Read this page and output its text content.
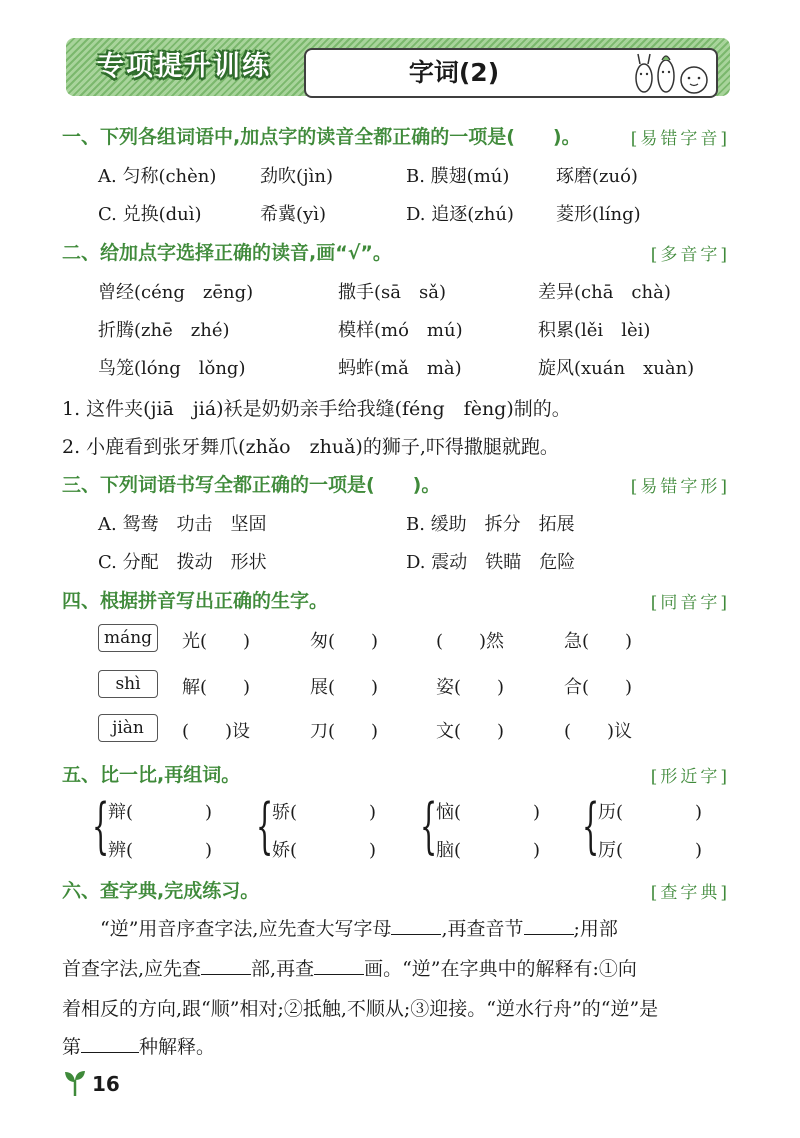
专项提升训练	字词(2)
一、下列各组词语中,加点字的读音全都正确的一项是(　　)。	[易错字音]
A. 匀称(chèn) 劲吹(jìn)	B. 膜翅(mú)	琢磨(zuó)
C. 兑换(duì)	希冀(yì)	D. 追逐(zhú) 菱形(líng)
二、给加点字选择正确的读音,画“√”。	[多音字]
曾经(céng　zēng)	撒手(sā　sǎ)	差异(chā　chà)
折腾(zhē　zhé)	模样(mó　mú)	积累(lěi　lèi)
鸟笼(lóng　lǒng)	蚂蚱(mǎ　mà)	旋风(xuán　xuàn)
1. 这件夹(jiā　jiá)袄是奶奶亲手给我缝(féng　fèng)制的。
2. 小鹿看到张牙舞爪(zhǎo　zhuǎ)的狮子,吓得撒腿就跑。
三、下列词语书写全都正确的一项是(　　)。	[易错字形]
A. 鸳鸯　功击　坚固	B. 缓助　拆分　拓展
C. 分配　拨动　形状	D. 震动　铁瞄　危险
四、根据拼音写出正确的生字。	[同音字]
máng	光(　　)	匆(　　)	(　　)然	急(　　)
shì	解(　　)	展(　　)	姿(　　)	合(　　)
jiàn	(　　)设	刀(　　)	文(　　)	(　　)议
五、比一比,再组词。	[形近字]
{
辩(　　　　)
辨(　　　　) {
骄(　　　　)
娇(　　　　) {
恼(　　　　)
脑(　　　　) {
历(　　　　)
厉(　　　　)
六、查字典,完成练习。	[查字典]
“逆”用音序查字法,应先查大写字母	,再查音节	;用部
首查字法,应先查	部,再查	画。“逆”在字典中的解释有:①向
着相反的方向,跟“顺”相对;②抵触,不顺从;③迎接。“逆水行舟”的“逆”是
第	种解释。
16
